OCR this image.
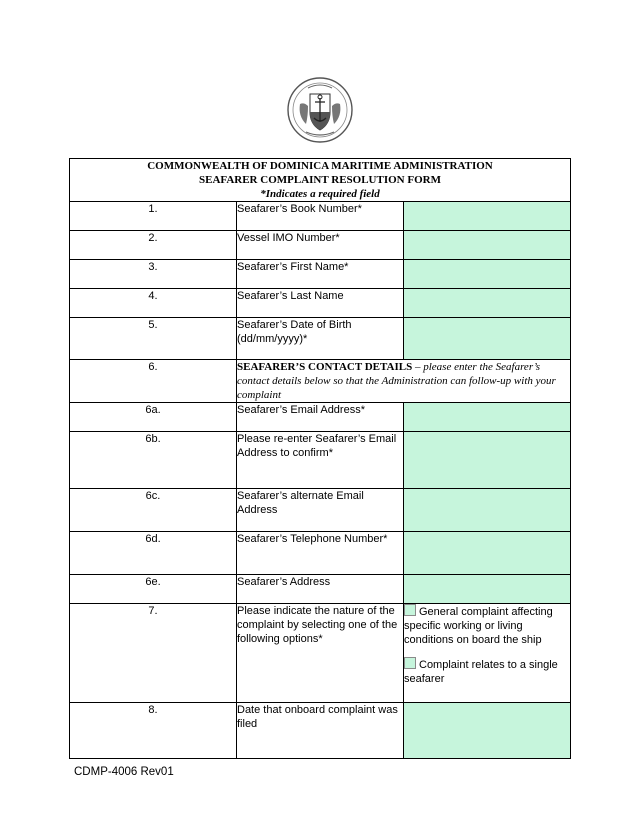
COMMONWEALTH OF DOMINICA MARITIME ADMINISTRATION
SEAFARER COMPLAINT RESOLUTION FORM
*Indicates a required field		

1.	Seafarer’s Book Number*	
2.	Vessel IMO Number*	
3.	Seafarer’s First Name*	
4.	Seafarer’s Last Name	
5.	Seafarer’s Date of Birth (dd/mm/yyyy)*	
6.	SEAFARER’S CONTACT DETAILS – please enter the Seafarer’s contact details below so that the Administration can follow-up with your complaint	
6a.	Seafarer’s Email Address*	
6b.	Please re-enter Seafarer’s Email Address to confirm*	
6c.	Seafarer’s alternate Email Address	
6d.	Seafarer’s Telephone Number*	
6e.	Seafarer’s Address	
7.	Please indicate the nature of the complaint by selecting one of the following options*	General complaint affecting specific working or living conditions on board the ship
Complaint relates to a single seafarer

8.	Date that onboard complaint was filed	
CDMP-4006 Rev01
